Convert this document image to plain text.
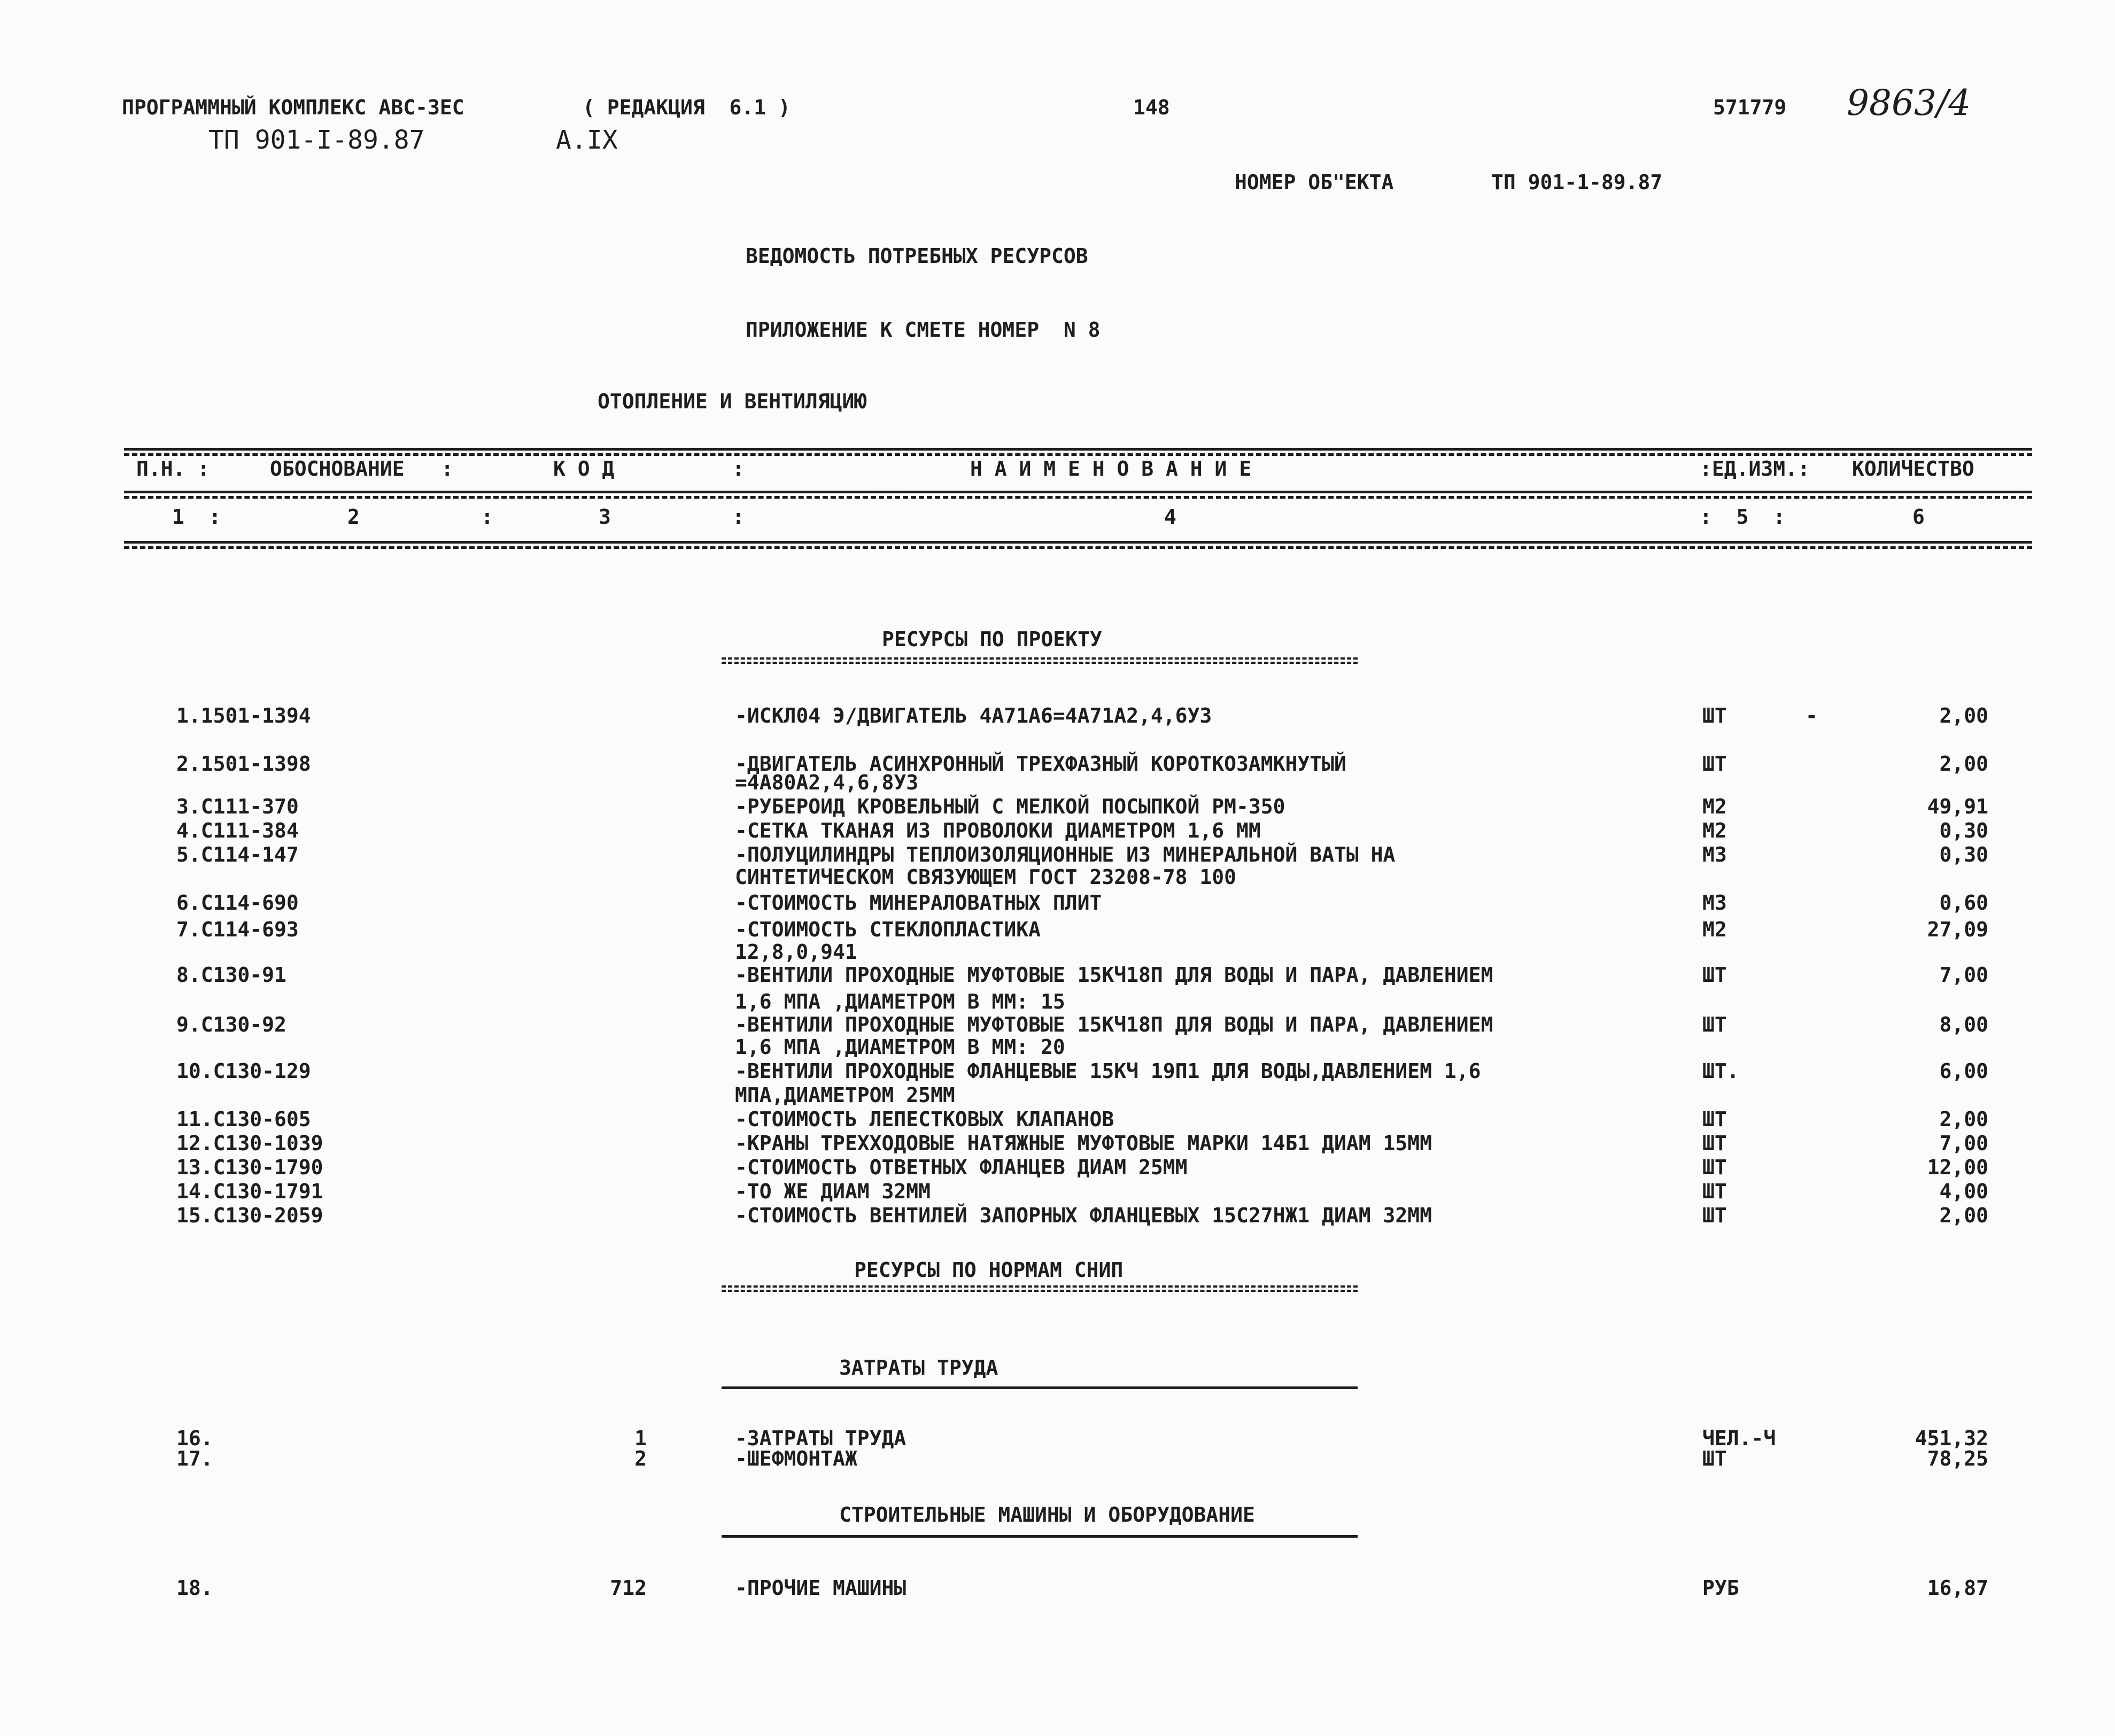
ПРОГРАММНЫЙ КОМПЛЕКС АВС-ЗЕС	( РЕДАКЦИЯ  6.1 )	148	571779 9863/4
ТП 901-I-89.87	А.IX
НОМЕР ОБ"ЕКТА	ТП 901-1-89.87
ВЕДОМОСТЬ ПОТРЕБНЫХ РЕСУРСОВ
ПРИЛОЖЕНИЕ К СМЕТЕ НОМЕР  N 8
ОТОПЛЕНИЕ И ВЕНТИЛЯЦИЮ
П.Н. :	ОБОСНОВАНИЕ   :	К О Д	:	Н А И М Е Н О В А Н И Е	:ЕД.ИЗМ.: КОЛИЧЕСТВО
1  :	2	:	3	:	4	:  5  :	6
РЕСУРСЫ ПО ПРОЕКТУ
1.1501-1394	-ИСКЛ04 Э/ДВИГАТЕЛЬ 4А71А6=4А71А2,4,6У3	ШТ	-	2,00
2.1501-1398	-ДВИГАТЕЛЬ АСИНХРОННЫЙ ТРЕХФАЗНЫЙ КОРОТКОЗАМКНУТЫЙ	ШТ	2,00
=4А80А2,4,6,8У3
3.С111-370	-РУБЕРОИД КРОВЕЛЬНЫЙ С МЕЛКОЙ ПОСЫПКОЙ РМ-350	М2	49,91
4.С111-384	-СЕТКА ТКАНАЯ ИЗ ПРОВОЛОКИ ДИАМЕТРОМ 1,6 ММ	М2	0,30
5.С114-147	-ПОЛУЦИЛИНДРЫ ТЕПЛОИЗОЛЯЦИОННЫЕ ИЗ МИНЕРАЛЬНОЙ ВАТЫ НА	М3	0,30
СИНТЕТИЧЕСКОМ СВЯЗУЮЩЕМ ГОСТ 23208-78 100
6.С114-690	-СТОИМОСТЬ МИНЕРАЛОВАТНЫХ ПЛИТ	М3	0,60
7.С114-693	-СТОИМОСТЬ СТЕКЛОПЛАСТИКА	М2	27,09
12,8,0,941
8.С130-91	-ВЕНТИЛИ ПРОХОДНЫЕ МУФТОВЫЕ 15КЧ18П ДЛЯ ВОДЫ И ПАРА, ДАВЛЕНИЕМ	ШТ	7,00
1,6 МПА ,ДИАМЕТРОМ В ММ: 15
9.С130-92	-ВЕНТИЛИ ПРОХОДНЫЕ МУФТОВЫЕ 15КЧ18П ДЛЯ ВОДЫ И ПАРА, ДАВЛЕНИЕМ	ШТ	8,00
1,6 МПА ,ДИАМЕТРОМ В ММ: 20
10.С130-129	-ВЕНТИЛИ ПРОХОДНЫЕ ФЛАНЦЕВЫЕ 15КЧ 19П1 ДЛЯ ВОДЫ,ДАВЛЕНИЕМ 1,6	ШТ.	6,00
МПА,ДИАМЕТРОМ 25ММ
11.С130-605	-СТОИМОСТЬ ЛЕПЕСТКОВЫХ КЛАПАНОВ	ШТ	2,00
12.С130-1039	-КРАНЫ ТРЕХХОДОВЫЕ НАТЯЖНЫЕ МУФТОВЫЕ МАРКИ 14Б1 ДИАМ 15ММ	ШТ	7,00
13.С130-1790	-СТОИМОСТЬ ОТВЕТНЫХ ФЛАНЦЕВ ДИАМ 25ММ	ШТ	12,00
14.С130-1791	-ТО ЖЕ ДИАМ 32ММ	ШТ	4,00
15.С130-2059	-СТОИМОСТЬ ВЕНТИЛЕЙ ЗАПОРНЫХ ФЛАНЦЕВЫХ 15С27НЖ1 ДИАМ 32ММ	ШТ	2,00
РЕСУРСЫ ПО НОРМАМ СНИП
ЗАТРАТЫ ТРУДА
16.	1	-ЗАТРАТЫ ТРУДА	ЧЕЛ.-Ч	451,32
17.	2	-ШЕФМОНТАЖ	ШТ	78,25
СТРОИТЕЛЬНЫЕ МАШИНЫ И ОБОРУДОВАНИЕ
18.	712	-ПРОЧИЕ МАШИНЫ	РУБ	16,87
